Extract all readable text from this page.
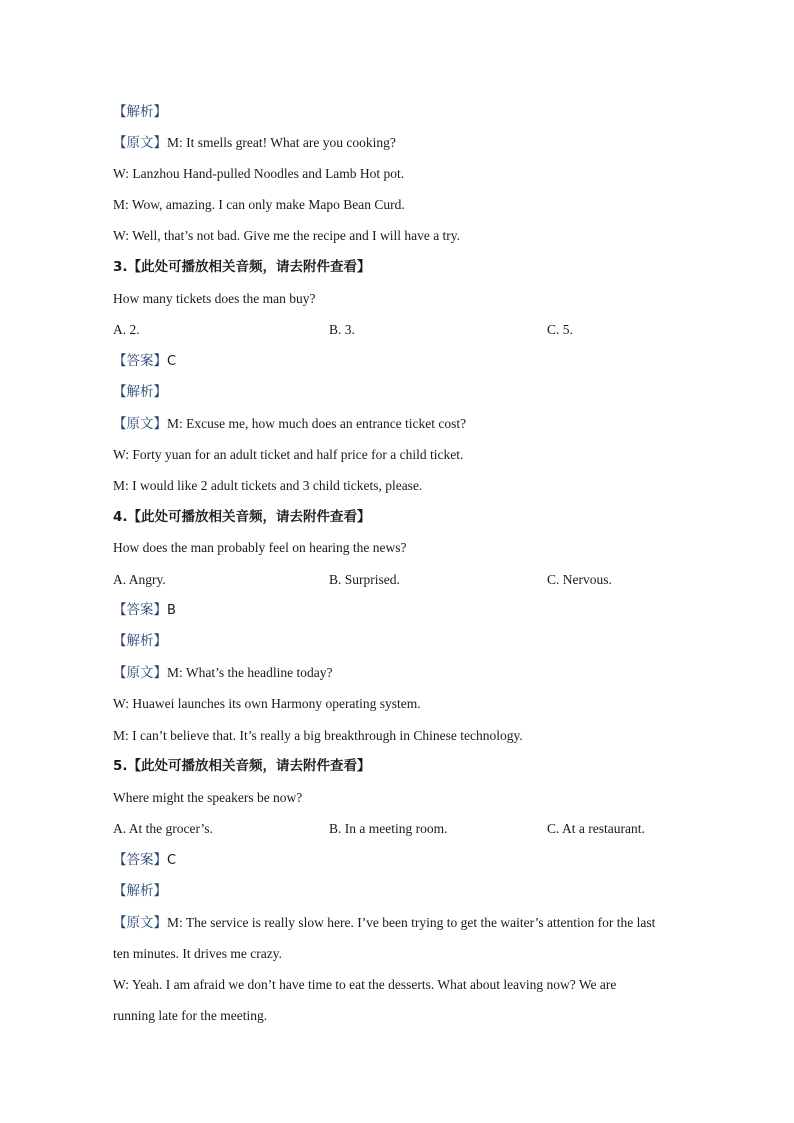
【解析】
【原文】M: It smells great! What are you cooking?
W: Lanzhou Hand-pulled Noodles and Lamb Hot pot.
M: Wow, amazing. I can only make Mapo Bean Curd.
W: Well, that’s not bad. Give me the recipe and I will have a try.
3.【此处可播放相关音频，请去附件查看】
How many tickets does the man buy?
A. 2.	B. 3.	C. 5.
【答案】C
【解析】
【原文】M: Excuse me, how much does an entrance ticket cost?
W: Forty yuan for an adult ticket and half price for a child ticket.
M: I would like 2 adult tickets and 3 child tickets, please.
4.【此处可播放相关音频，请去附件查看】
How does the man probably feel on hearing the news?
A. Angry.	B. Surprised.	C. Nervous.
【答案】B
【解析】
【原文】M: What’s the headline today?
W: Huawei launches its own Harmony operating system.
M: I can’t believe that. It’s really a big breakthrough in Chinese technology.
5.【此处可播放相关音频，请去附件查看】
Where might the speakers be now?
A. At the grocer’s.	B. In a meeting room.	C. At a restaurant.
【答案】C
【解析】
【原文】M: The service is really slow here. I’ve been trying to get the waiter’s attention for the last
ten minutes. It drives me crazy.
W: Yeah. I am afraid we don’t have time to eat the desserts. What about leaving now? We are
running late for the meeting.
